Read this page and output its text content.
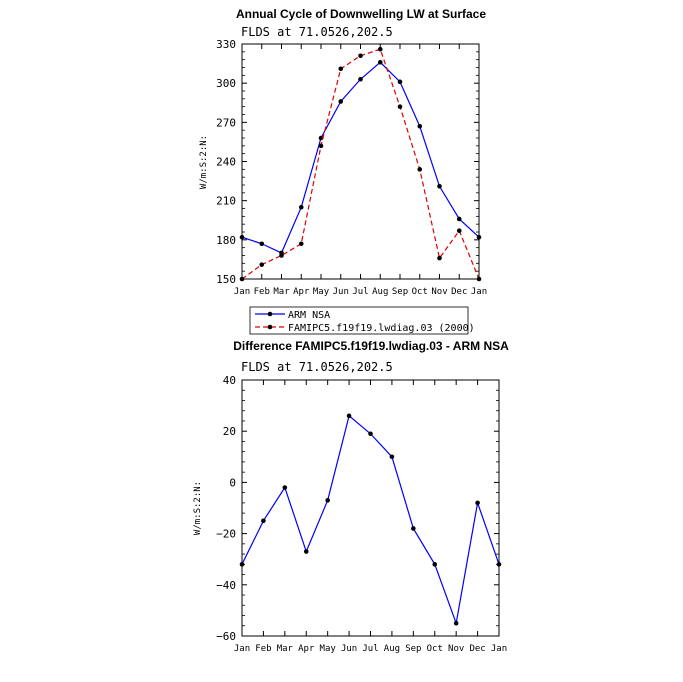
Annual Cycle of Downwelling LW at Surface
FLDS at 71.0526,202.5
W/m:S:2:N:
150
180
210
240
270
300
330
Jan Feb Mar Apr May Jun Jul Aug Sep Oct Nov Dec Jan
ARM NSA
FAMIPC5.f19f19.lwdiag.03 (2000)
Difference FAMIPC5.f19f19.lwdiag.03 - ARM NSA
FLDS at 71.0526,202.5
W/m:S:2:N:
−60
−40
−20
0
20
40
Jan Feb Mar Apr May Jun Jul Aug Sep Oct Nov Dec Jan
